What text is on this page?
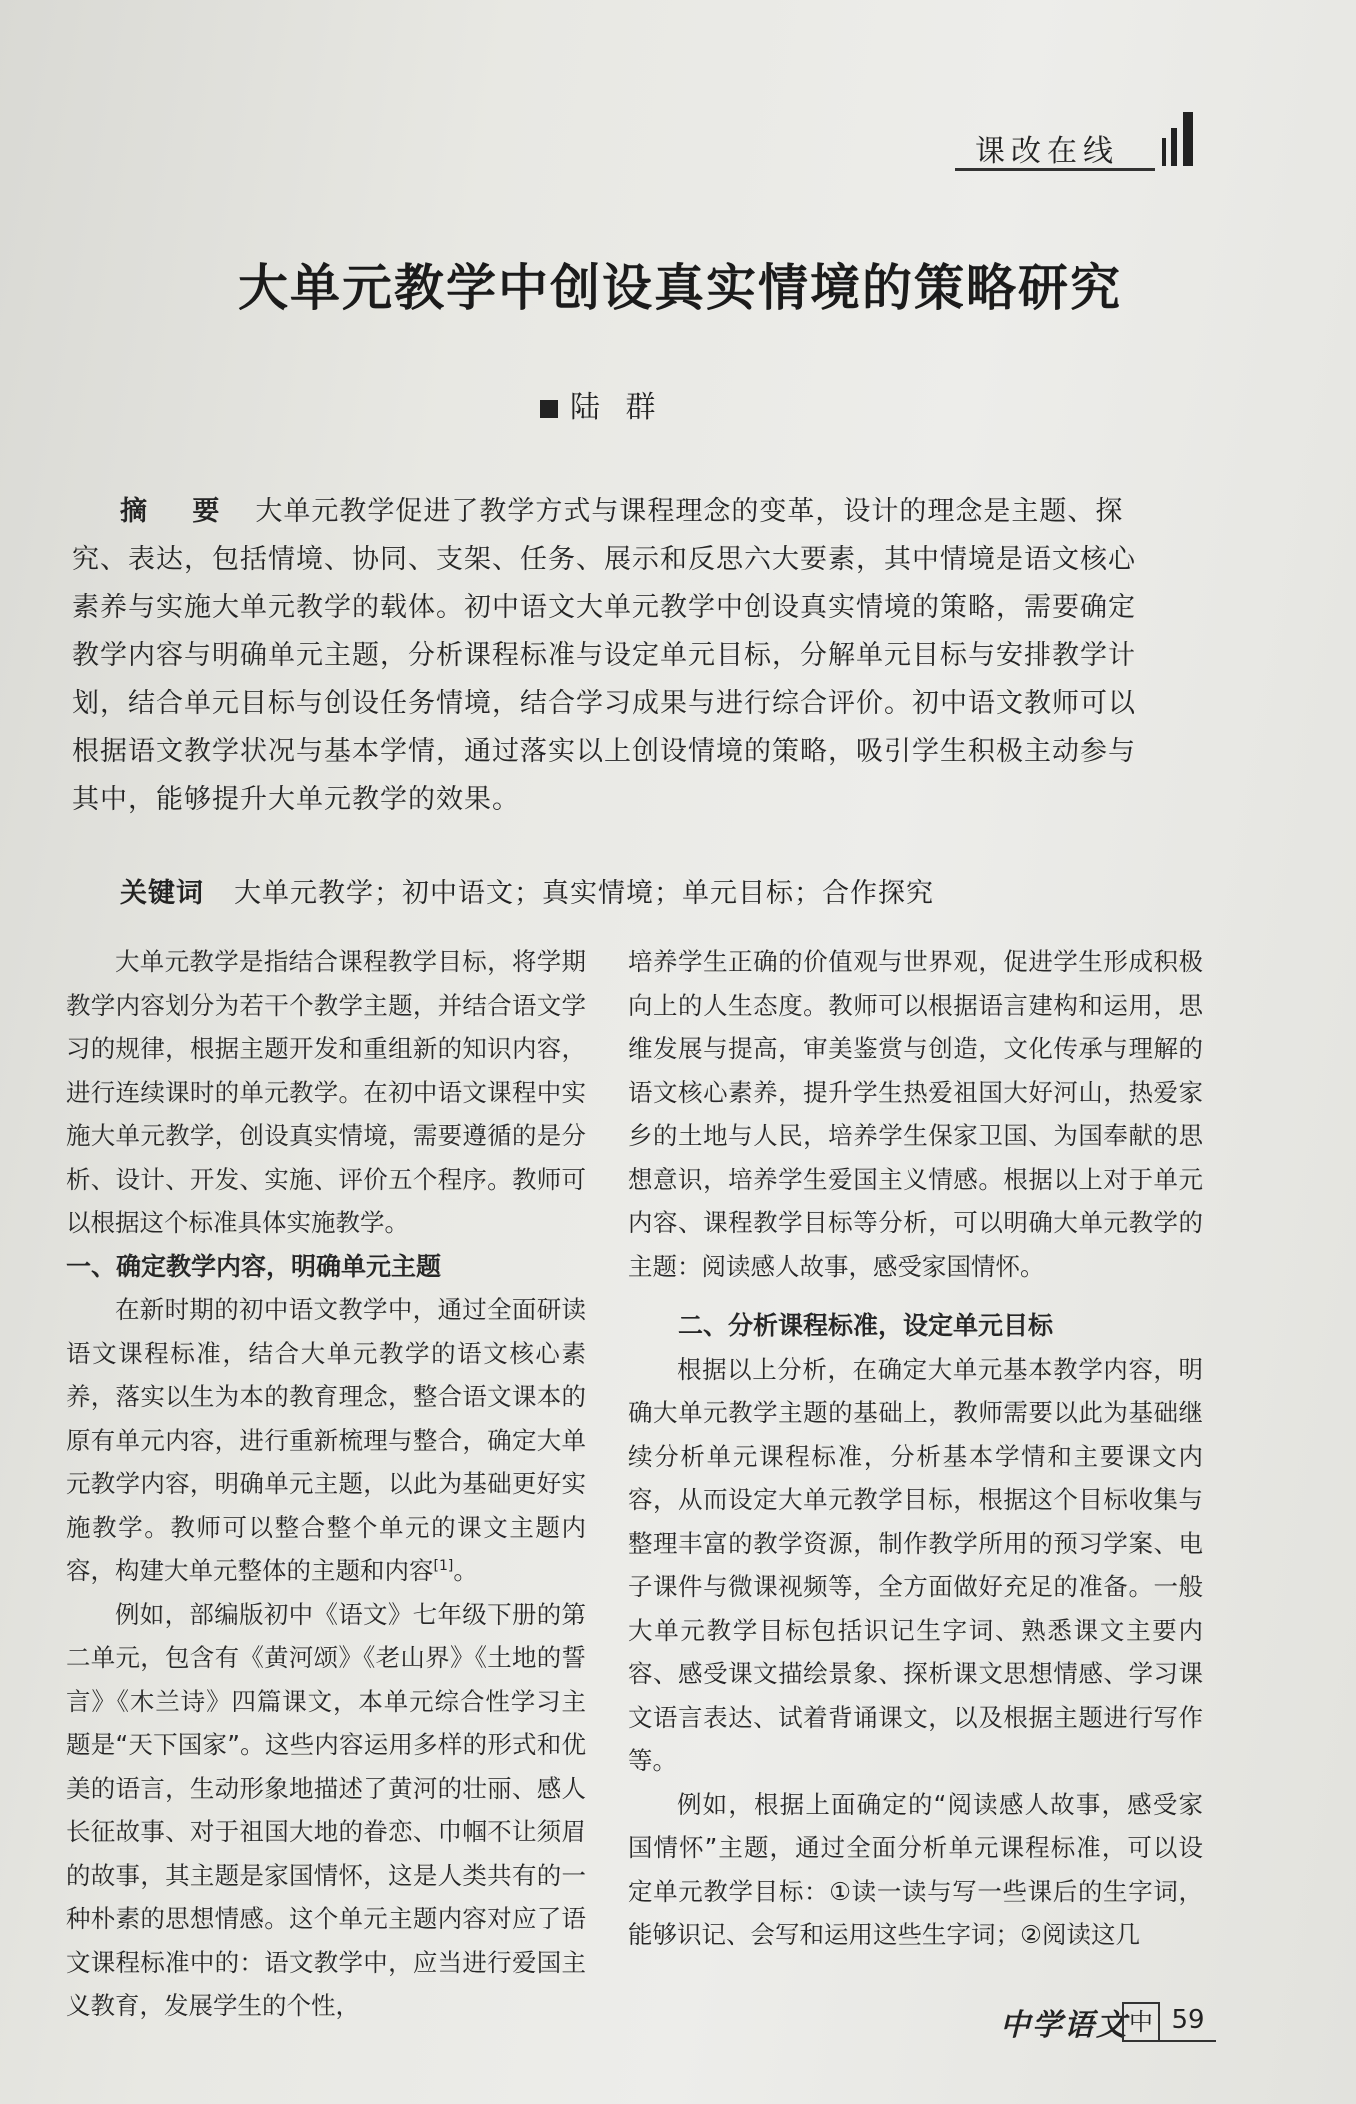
课改在线
大单元教学中创设真实情境的策略研究
陆 群
摘 要 大单元教学促进了教学方式与课程理念的变革，设计的理念是主题、探究、表达，包括情境、协同、支架、任务、展示和反思六大要素，其中情境是语文核心素养与实施大单元教学的载体。初中语文大单元教学中创设真实情境的策略，需要确定教学内容与明确单元主题，分析课程标准与设定单元目标，分解单元目标与安排教学计划，结合单元目标与创设任务情境，结合学习成果与进行综合评价。初中语文教师可以根据语文教学状况与基本学情，通过落实以上创设情境的策略，吸引学生积极主动参与其中，能够提升大单元教学的效果。
关键词 大单元教学；初中语文；真实情境；单元目标；合作探究

大单元教学是指结合课程教学目标，将学期教学内容划分为若干个教学主题，并结合语文学习的规律，根据主题开发和重组新的知识内容，进行连续课时的单元教学。在初中语文课程中实施大单元教学，创设真实情境，需要遵循的是分析、设计、开发、实施、评价五个程序。教师可以根据这个标准具体实施教学。

一、确定教学内容，明确单元主题

在新时期的初中语文教学中，通过全面研读语文课程标准，结合大单元教学的语文核心素养，落实以生为本的教育理念，整合语文课本的原有单元内容，进行重新梳理与整合，确定大单元教学内容，明确单元主题，以此为基础更好实施教学。教师可以整合整个单元的课文主题内容，构建大单元整体的主题和内容[1]。

例如，部编版初中《语文》七年级下册的第二单元，包含有《黄河颂》《老山界》《土地的誓言》《木兰诗》四篇课文，本单元综合性学习主题是“天下国家”。这些内容运用多样的形式和优美的语言，生动形象地描述了黄河的壮丽、感人长征故事、对于祖国大地的眷恋、巾帼不让须眉的故事，其主题是家国情怀，这是人类共有的一种朴素的思想情感。这个单元主题内容对应了语文课程标准中的：语文教学中，应当进行爱国主义教育，发展学生的个性，

培养学生正确的价值观与世界观，促进学生形成积极向上的人生态度。教师可以根据语言建构和运用，思维发展与提高，审美鉴赏与创造，文化传承与理解的语文核心素养，提升学生热爱祖国大好河山，热爱家乡的土地与人民，培养学生保家卫国、为国奉献的思想意识，培养学生爱国主义情感。根据以上对于单元内容、课程教学目标等分析，可以明确大单元教学的主题：阅读感人故事，感受家国情怀。

二、分析课程标准，设定单元目标

根据以上分析，在确定大单元基本教学内容，明确大单元教学主题的基础上，教师需要以此为基础继续分析单元课程标准，分析基本学情和主要课文内容，从而设定大单元教学目标，根据这个目标收集与整理丰富的教学资源，制作教学所用的预习学案、电子课件与微课视频等，全方面做好充足的准备。一般大单元教学目标包括识记生字词、熟悉课文主要内容、感受课文描绘景象、探析课文思想情感、学习课文语言表达、试着背诵课文，以及根据主题进行写作等。

例如，根据上面确定的“阅读感人故事，感受家国情怀”主题，通过全面分析单元课程标准，可以设定单元教学目标：①读一读与写一些课后的生字词，能够识记、会写和运用这些生字词；②阅读这几

中学语文 中 59
